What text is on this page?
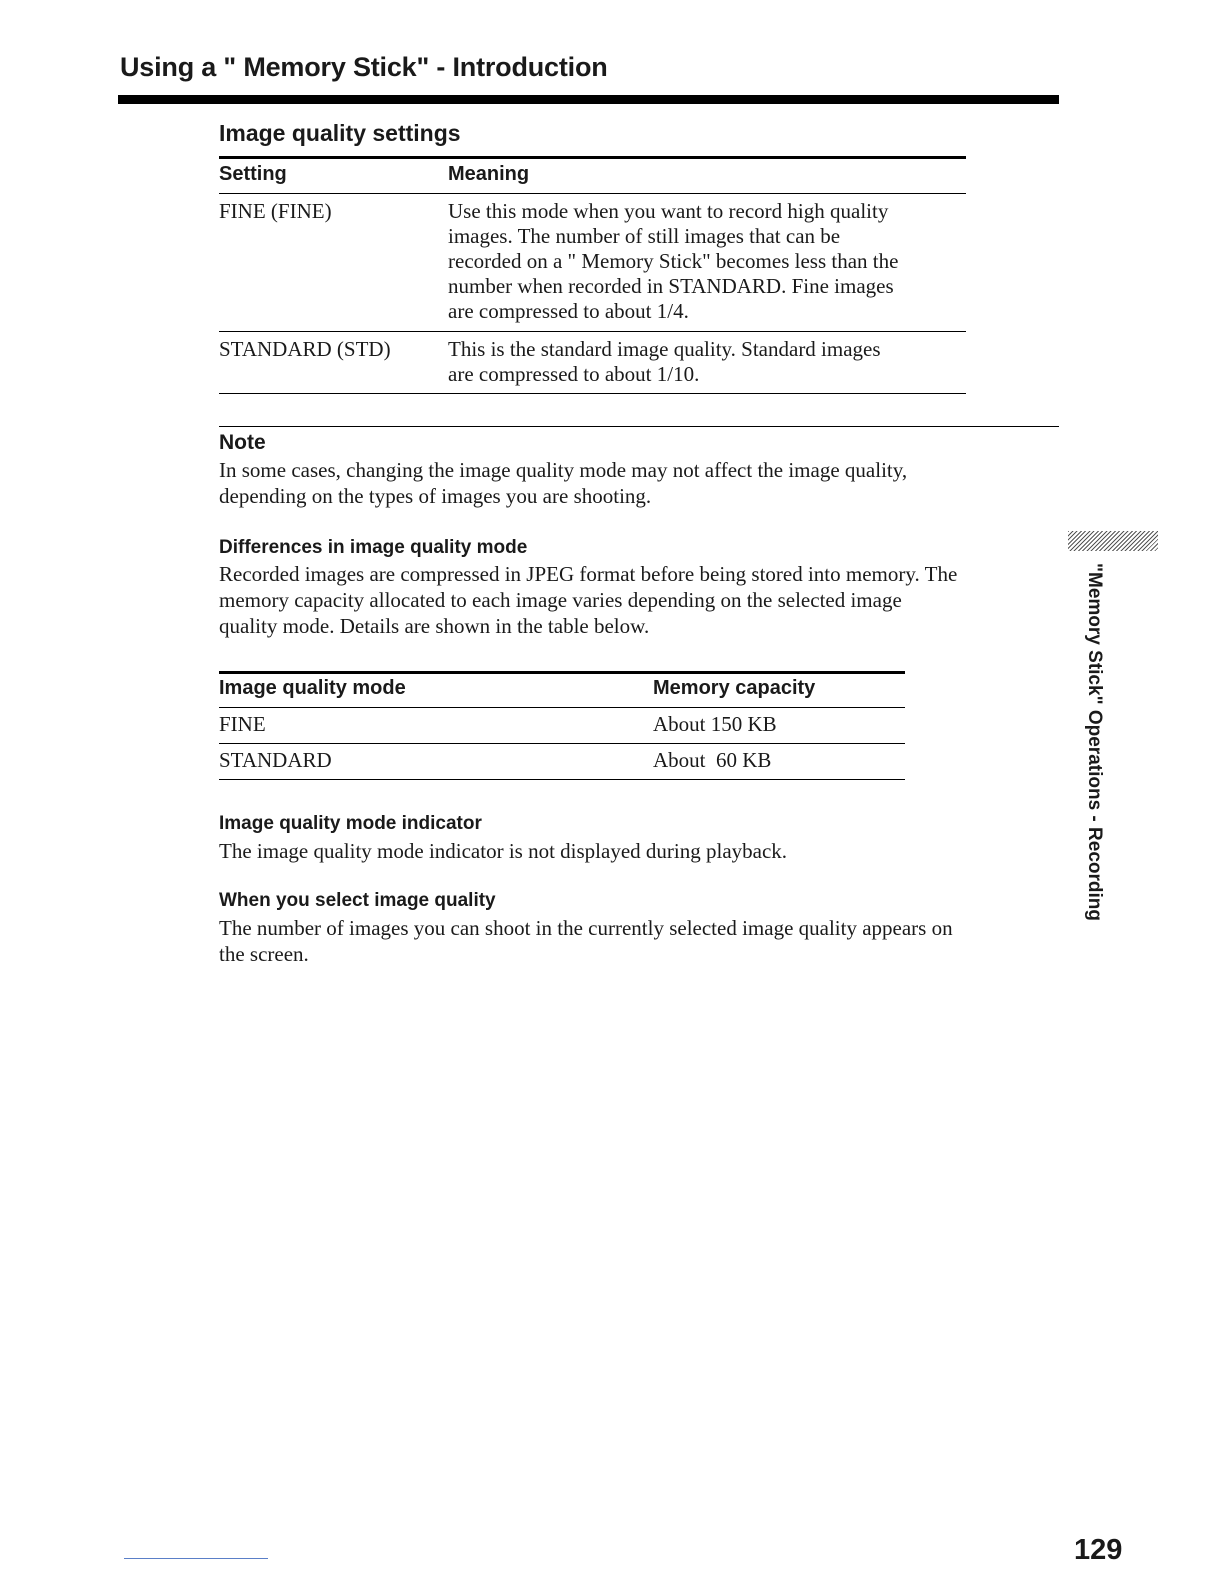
Using a " Memory Stick" - Introduction
Image quality settings
Setting	Meaning
FINE (FINE)	Use this mode when you want to record high quality
images. The number of still images that can be
recorded on a " Memory Stick" becomes less than the
number when recorded in STANDARD. Fine images
are compressed to about 1/4.
STANDARD (STD)	This is the standard image quality. Standard images
are compressed to about 1/10.
Note
In some cases, changing the image quality mode may not affect the image quality,
depending on the types of images you are shooting.
Differences in image quality mode
Recorded images are compressed in JPEG format before being stored into memory. The
memory capacity allocated to each image varies depending on the selected image
quality mode. Details are shown in the table below.
Image quality mode	Memory capacity
FINE	About 150 KB
STANDARD	About  60 KB
Image quality mode indicator
The image quality mode indicator is not displayed during playback.
When you select image quality
The number of images you can shoot in the currently selected image quality appears on
the screen.
"Memory Stick" Operations - Recording
129
